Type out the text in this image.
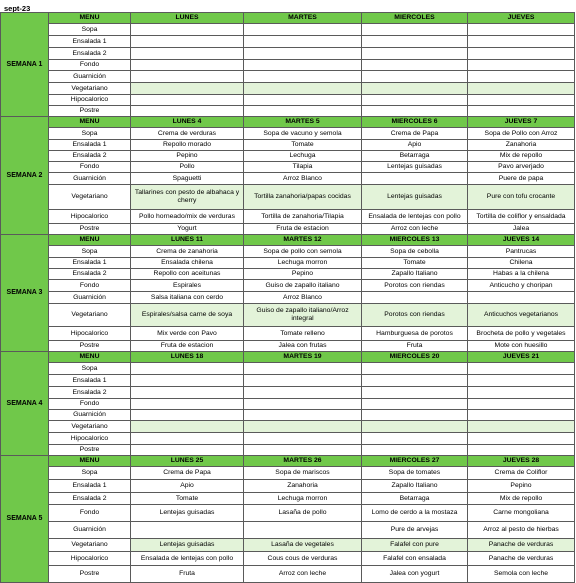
sept-23
SEMANA 1	MENU	LUNES	MARTES	MIERCOLES	JUEVES
	Sopa				
	Ensalada 1				
	Ensalada 2				
	Fondo				
	Guarnición				
	Vegetariano				
	Hipocalorico				
	Postre				
SEMANA 2	MENU	LUNES 4	MARTES 5	MIERCOLES 6	JUEVES 7
	Sopa	Crema de verduras	Sopa de vacuno y semola	Crema de Papa	Sopa de Pollo con Arroz
	Ensalada 1	Repollo morado	Tomate	Apio	Zanahoria
	Ensalada 2	Pepino	Lechuga	Betarraga	Mix de repollo
	Fondo	Pollo	Tilapia	Lentejas guisadas	Pavo arverjado
	Guarnición	Spaguetti	Arroz Blanco		Puere de papa
	Vegetariano	Tallarines con pesto de albahaca y cherry	Tortilla zanahoria/papas cocidas	Lentejas guisadas	Pure con tofu crocante
	Hipocalorico	Pollo horneado/mix de verduras	Tortilla de zanahoria/Tilapia	Ensalada de lentejas con pollo	Tortilla de coliflor y ensaldada
	Postre	Yogurt	Fruta de estacion	Arroz con leche	Jalea
SEMANA 3	MENU	LUNES 11	MARTES 12	MIERCOLES 13	JUEVES 14
	Sopa	Crema de zanahoria	Sopa de pollo con semola	Sopa de cebolla	Pantrucas
	Ensalada 1	Ensalada chilena	Lechuga morron	Tomate	Chilena
	Ensalada 2	Repollo con aceitunas	Pepino	Zapallo Italiano	Habas a la chilena
	Fondo	Espirales	Guiso de zapallo italiano	Porotos con riendas	Anticucho y choripan
	Guarnición	Salsa italiana con cerdo	Arroz Blanco		
	Vegetariano	Espirales/salsa carne de soya	Guiso de zapallo italiano/Arroz integral	Porotos con riendas	Anticuchos vegetarianos
	Hipocalorico	Mix verde con Pavo	Tomate relleno	Hamburguesa de porotos	Brocheta de pollo y vegetales
	Postre	Fruta de estacion	Jalea con frutas	Fruta	Mote con huesillo
SEMANA 4	MENU	LUNES 18	MARTES 19	MIERCOLES 20	JUEVES 21
	Sopa				
	Ensalada 1				
	Ensalada 2				
	Fondo				
	Guarnición				
	Vegetariano				
	Hipocalorico				
	Postre				
SEMANA 5	MENU	LUNES 25	MARTES 26	MIERCOLES 27	JUEVES 28
	Sopa	Crema de Papa	Sopa de mariscos	Sopa de tomates	Crema de Coliflor
	Ensalada 1	Apio	Zanahoria	Zapallo Italiano	Pepino
	Ensalada 2	Tomate	Lechuga morron	Betarraga	Mix de repollo
	Fondo	Lentejas guisadas	Lasaña de pollo	Lomo de cerdo a la mostaza	Carne mongoliana
	Guarnición			Pure de arvejas	Arroz al pesto de hierbas
	Vegetariano	Lentejas guisadas	Lasaña de vegetales	Falafel con pure	Panache de verduras
	Hipocalorico	Ensalada de lentejas con pollo	Cous cous de verduras	Falafel con ensalada	Panache de verduras
	Postre	Fruta	Arroz con leche	Jalea con yogurt	Semola con leche
